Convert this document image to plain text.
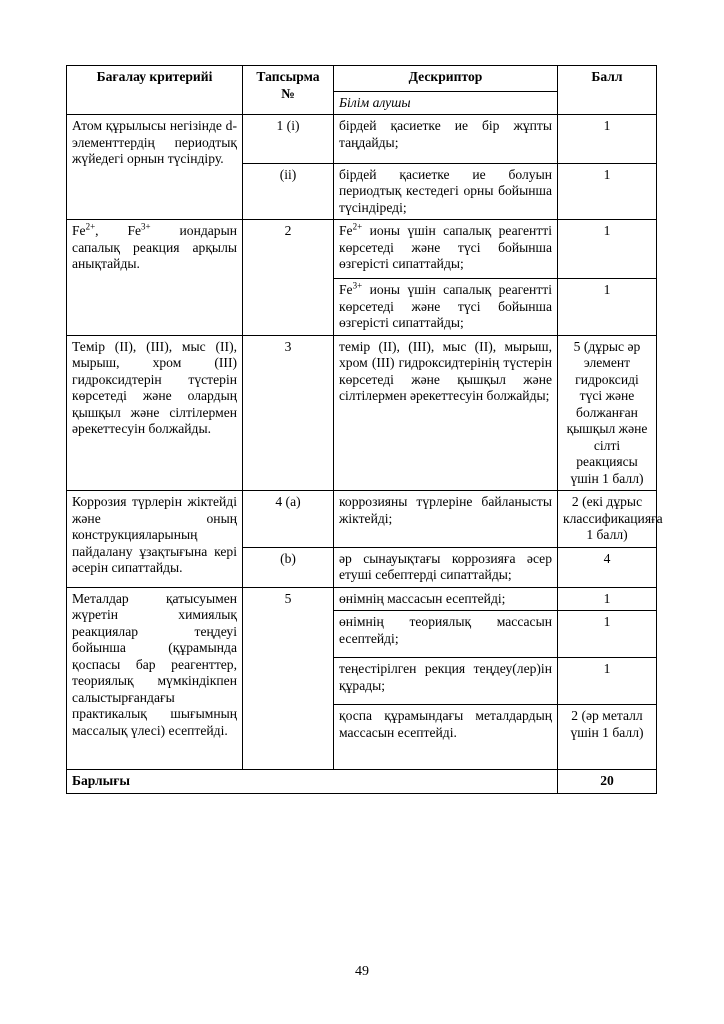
Бағалау критерийі	Тапсырма №	Дескриптор
Білім алушы	Балл
Атом құрылысы негізінде d-элементтердің периодтық жүйедегі орнын түсіндіру.	1 (i)	бірдей қасиетке ие бір жұпты таңдайды;	1
	(ii)	бірдей қасиетке ие болуын периодтық кестедегі орны бойынша түсіндіреді;	1
$Fe^{2+}$, $Fe^{3+}$ иондарын сапалық реакция арқылы анықтайды.	2	$Fe^{2+}$ ионы үшін сапалық реагентті көрсетеді және түсі бойынша өзгерісті сипаттайды;	1
		$Fe^{3+}$ ионы үшін сапалық реагентті көрсетеді және түсі бойынша өзгерісті сипаттайды;	1
Темір (ІІ), (ІІІ), мыс (ІІ), мырыш, хром (ІІІ) гидроксидтерін түстерін көрсетеді және олардың қышқыл және сілтілермен әрекеттесуін болжайды.	3	темір (ІІ), (ІІІ), мыс (ІІ), мырыш, хром (ІІІ) гидроксидтерінің түстерін көрсетеді және қышқыл және сілтілермен әрекеттесуін болжайды;	5 (дұрыс әр элемент гидроксиді түсі және болжанған қышқыл және сілті реакциясы үшін 1 балл)
Коррозия түрлерін жіктейді және оның конструкцияларының пайдалану ұзақтығына кері әсерін сипаттайды.	4 (a)	коррозияны түрлеріне байланысты жіктейді;	2 (екі дұрыс классификацияға 1 балл)
	(b)	әр сынауықтағы коррозияға әсер етуші себептерді сипаттайды;	4
Металдар қатысуымен жүретін химиялық реакциялар теңдеуі бойынша (құрамында қоспасы бар реагенттер, теориялық мүмкіндікпен салыстырғандағы практикалық шығымның массалық үлесі) есептейді.	5	өнімнің массасын есептейді;	1
		өнімнің теориялық массасын есептейді;	1
		теңестірілген рекция теңдеу(лер)ін құрады;	1
		қоспа құрамындағы металдардың массасын есептейді.	2 (әр металл үшін 1 балл)
Барлығы			20
49
